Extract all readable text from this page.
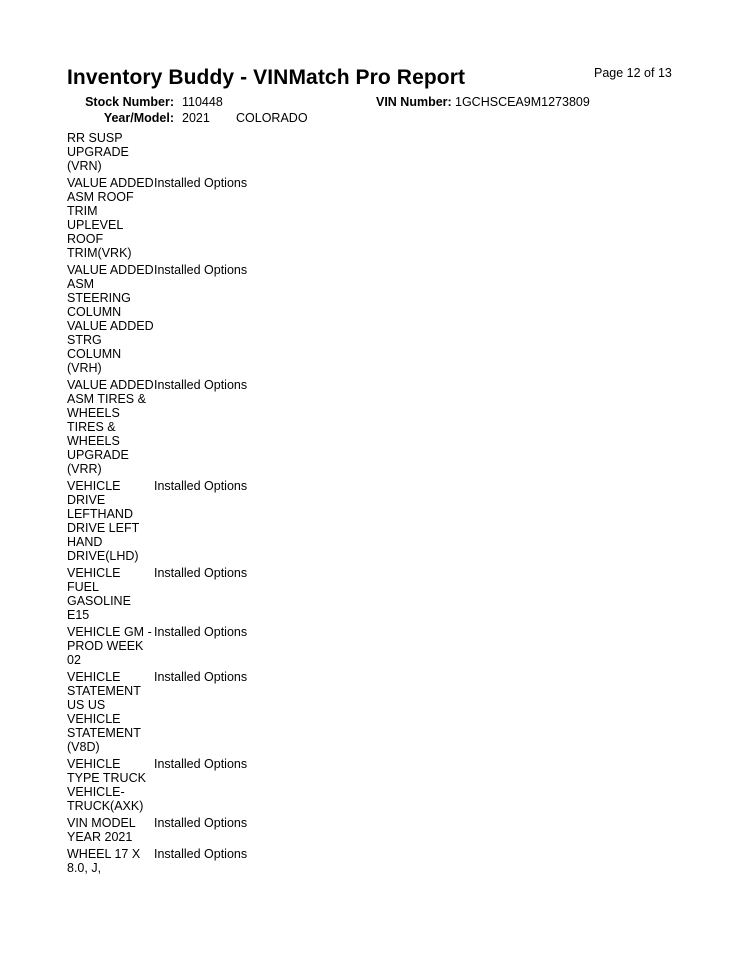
Inventory Buddy - VINMatch Pro Report	Page 12 of 13
Stock Number: 110448	VIN Number: 1GCHSCEA9M1273809
Year/Model: 2021 COLORADO
RR SUSP
UPGRADE
(VRN)
VALUE ADDED
ASM ROOF
TRIM
UPLEVEL
ROOF
TRIM(VRK)
Installed Options
VALUE ADDED
ASM
STEERING
COLUMN
VALUE ADDED
STRG
COLUMN
(VRH)
Installed Options
VALUE ADDED
ASM TIRES &
WHEELS
TIRES &
WHEELS
UPGRADE
(VRR)
Installed Options
VEHICLE
DRIVE
LEFTHAND
DRIVE LEFT
HAND
DRIVE(LHD)
Installed Options
VEHICLE
FUEL
GASOLINE
E15
Installed Options
VEHICLE GM -
PROD WEEK
02
Installed Options
VEHICLE
STATEMENT
US US
VEHICLE
STATEMENT
(V8D)
Installed Options
VEHICLE
TYPE TRUCK
VEHICLE-
TRUCK(AXK)
Installed Options
VIN MODEL
YEAR 2021
Installed Options
WHEEL 17 X
8.0, J,
Installed Options
